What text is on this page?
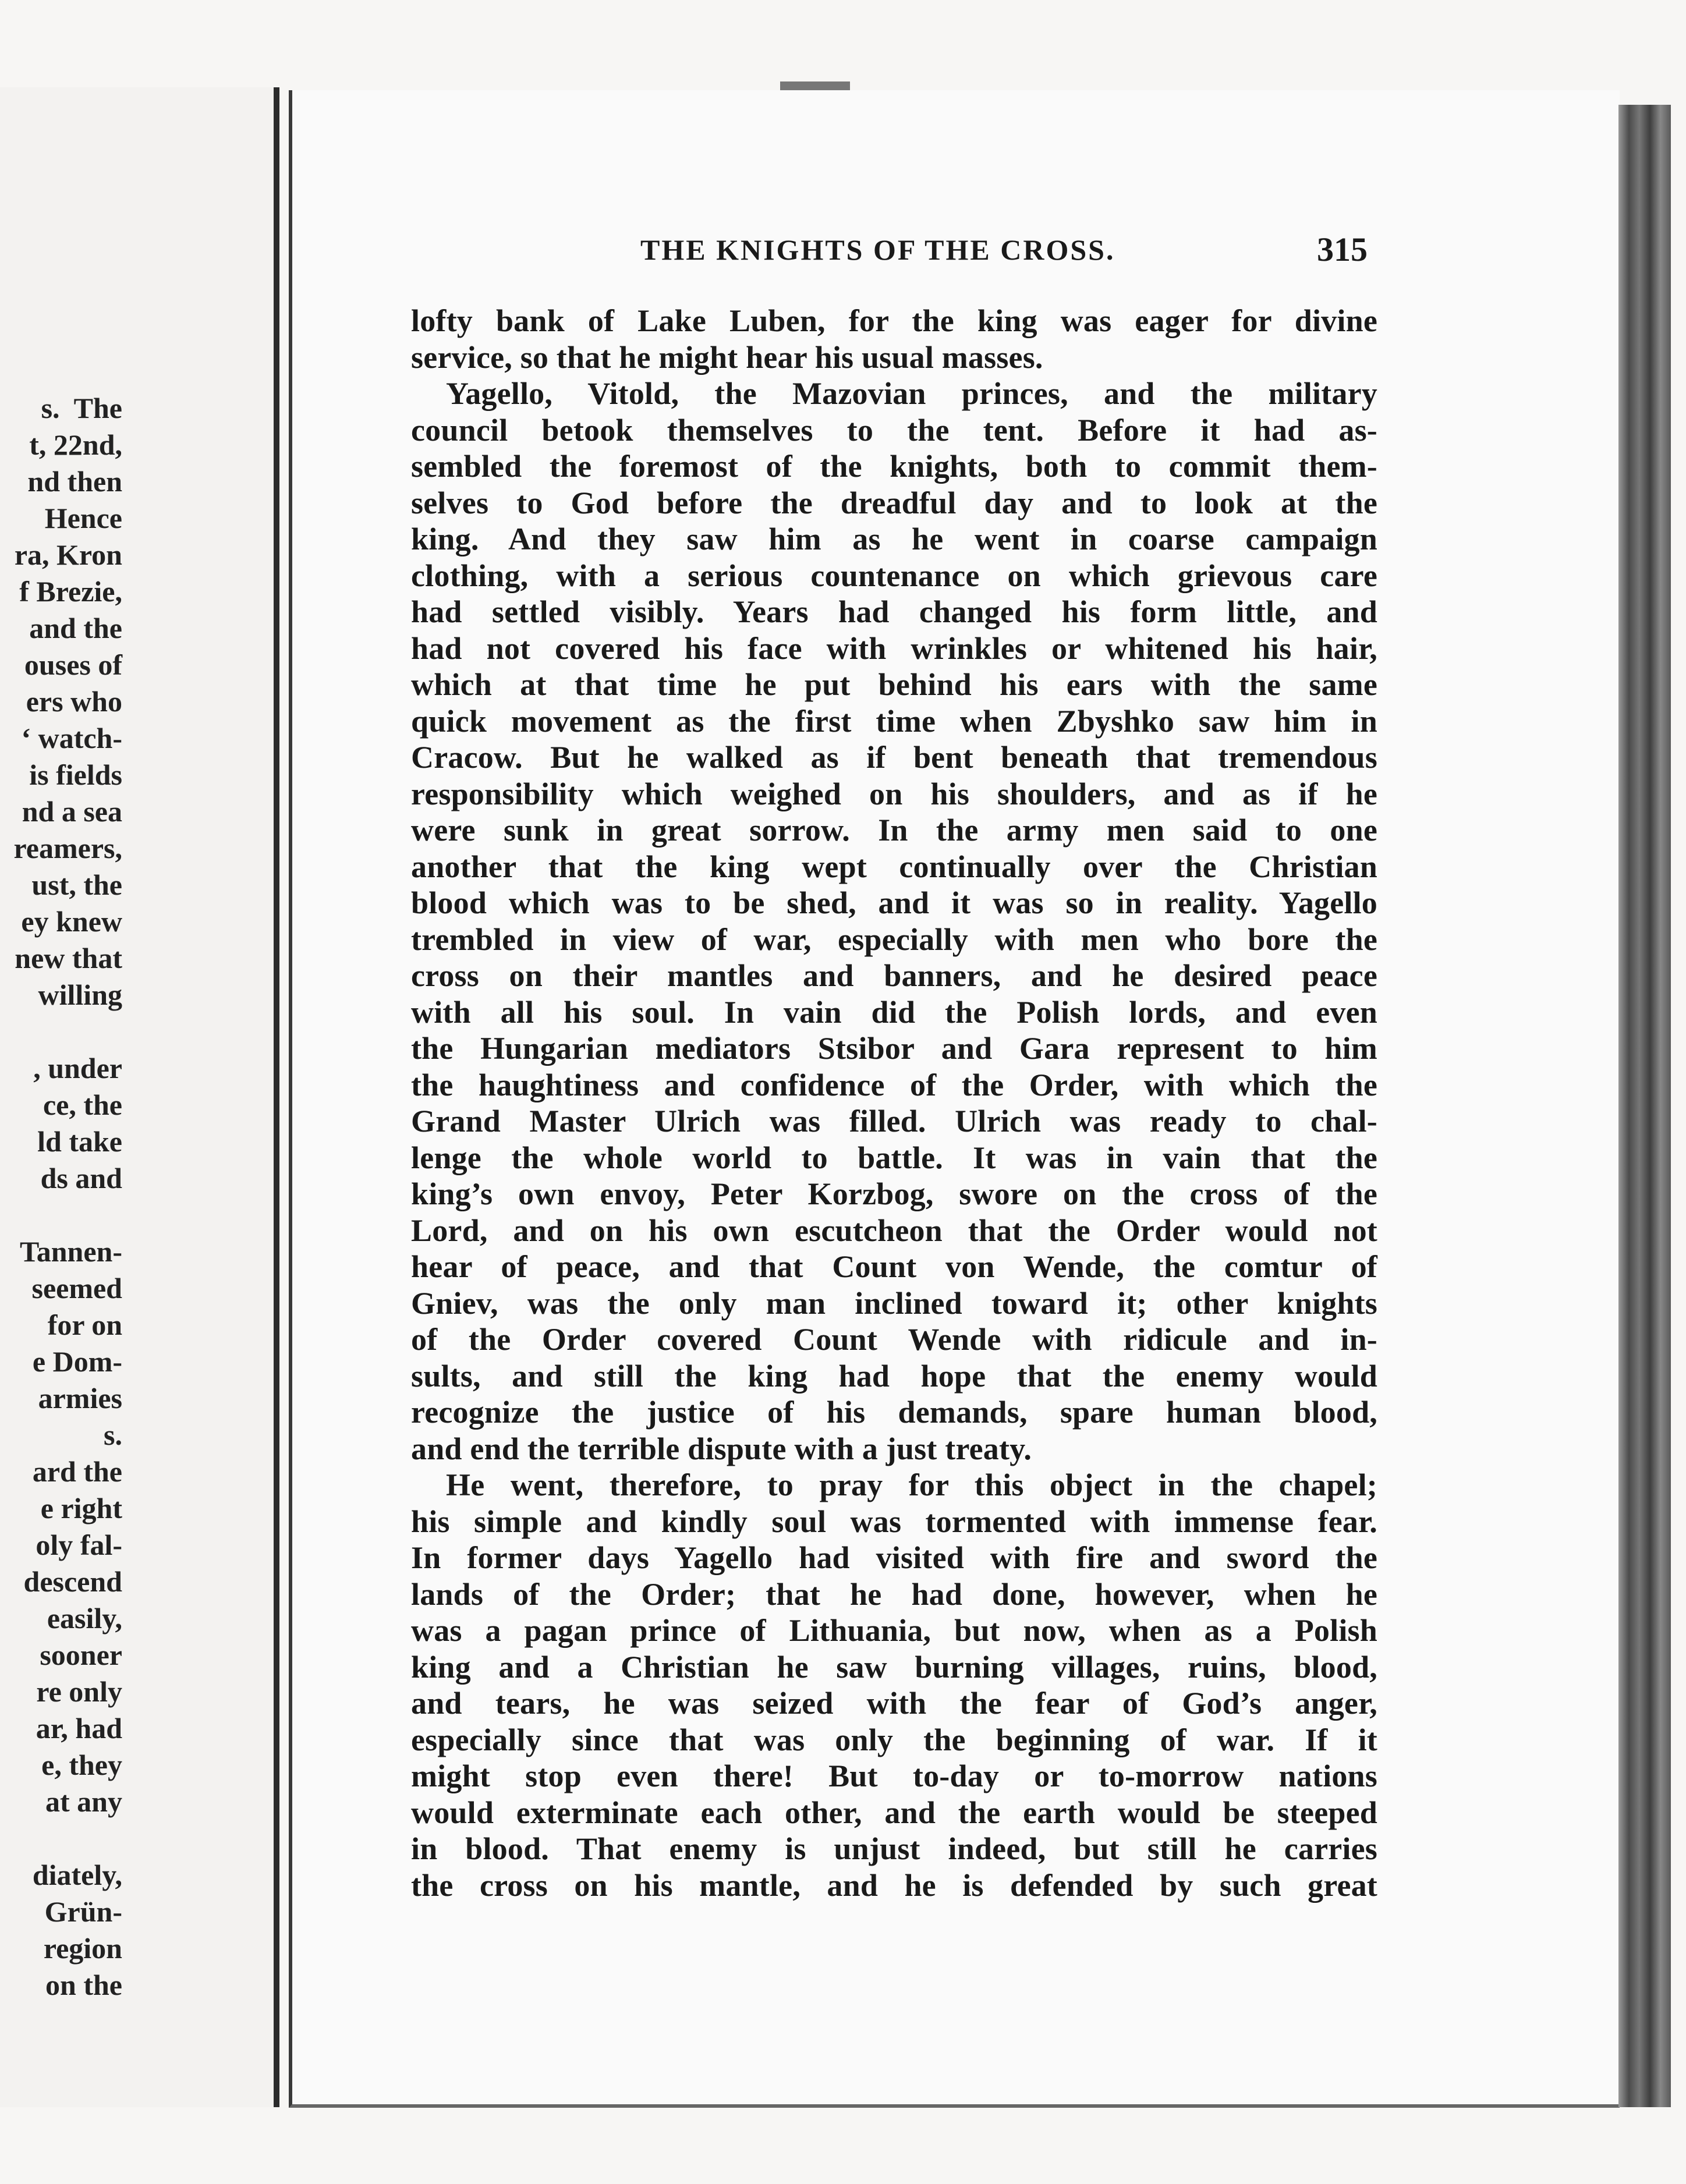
s.  The
t, 22nd,
nd then
Hence
ra, Kron
f Brezie,
and the
ouses of
ers who
‘ watch-
is fields
nd a sea
reamers,
ust, the
ey knew
new that
willing
, under
ce, the
ld take
ds and
Tannen-
seemed
for on
e Dom-
armies
s.
ard the
e right
oly fal-
descend
easily,
sooner
re only
ar, had
e, they
at any
diately,
Grün-
region
on the
THE KNIGHTS OF THE CROSS.	315
lofty bank of Lake Luben, for the king was eager for divine
service, so that he might hear his usual masses.
Yagello, Vitold, the Mazovian princes, and the military
council betook themselves to the tent. Before it had as-
sembled the foremost of the knights, both to commit them-
selves to God before the dreadful day and to look at the
king. And they saw him as he went in coarse campaign
clothing, with a serious countenance on which grievous care
had settled visibly. Years had changed his form little, and
had not covered his face with wrinkles or whitened his hair,
which at that time he put behind his ears with the same
quick movement as the first time when Zbyshko saw him in
Cracow. But he walked as if bent beneath that tremendous
responsibility which weighed on his shoulders, and as if he
were sunk in great sorrow. In the army men said to one
another that the king wept continually over the Christian
blood which was to be shed, and it was so in reality. Yagello
trembled in view of war, especially with men who bore the
cross on their mantles and banners, and he desired peace
with all his soul. In vain did the Polish lords, and even
the Hungarian mediators Stsibor and Gara represent to him
the haughtiness and confidence of the Order, with which the
Grand Master Ulrich was filled. Ulrich was ready to chal-
lenge the whole world to battle. It was in vain that the
king’s own envoy, Peter Korzbog, swore on the cross of the
Lord, and on his own escutcheon that the Order would not
hear of peace, and that Count von Wende, the comtur of
Gniev, was the only man inclined toward it; other knights
of the Order covered Count Wende with ridicule and in-
sults, and still the king had hope that the enemy would
recognize the justice of his demands, spare human blood,
and end the terrible dispute with a just treaty.
He went, therefore, to pray for this object in the chapel;
his simple and kindly soul was tormented with immense fear.
In former days Yagello had visited with fire and sword the
lands of the Order; that he had done, however, when he
was a pagan prince of Lithuania, but now, when as a Polish
king and a Christian he saw burning villages, ruins, blood,
and tears, he was seized with the fear of God’s anger,
especially since that was only the beginning of war. If it
might stop even there! But to-day or to-morrow nations
would exterminate each other, and the earth would be steeped
in blood. That enemy is unjust indeed, but still he carries
the cross on his mantle, and he is defended by such great
